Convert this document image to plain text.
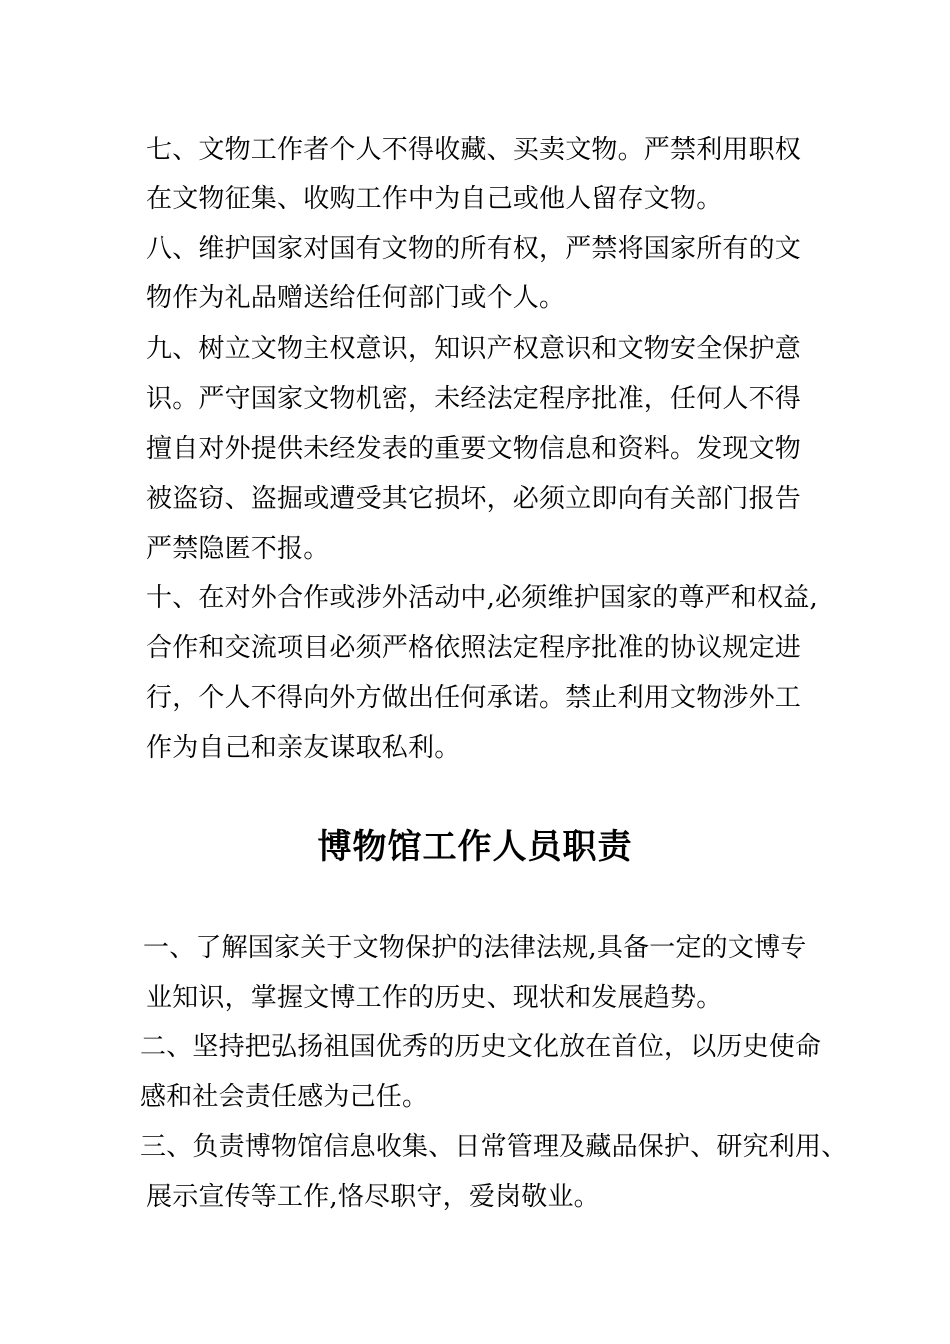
七、文物工作者个人不得收藏、买卖文物。严禁利用职权
在文物征集、收购工作中为自己或他人留存文物。
八、维护国家对国有文物的所有权，严禁将国家所有的文
物作为礼品赠送给任何部门或个人。
九、树立文物主权意识，知识产权意识和文物安全保护意
识。严守国家文物机密，未经法定程序批准，任何人不得
擅自对外提供未经发表的重要文物信息和资料。发现文物
被盗窃、盗掘或遭受其它损坏，必须立即向有关部门报告
严禁隐匿不报。
十、在对外合作或涉外活动中,必须维护国家的尊严和权益,
合作和交流项目必须严格依照法定程序批准的协议规定进
行，个人不得向外方做出任何承诺。禁止利用文物涉外工
作为自己和亲友谋取私利。
博物馆工作人员职责
一、了解国家关于文物保护的法律法规,具备一定的文博专
业知识，掌握文博工作的历史、现状和发展趋势。
二、坚持把弘扬祖国优秀的历史文化放在首位，以历史使命
感和社会责任感为己任。
三、负责博物馆信息收集、日常管理及藏品保护、研究利用、
展示宣传等工作,恪尽职守，爱岗敬业。
